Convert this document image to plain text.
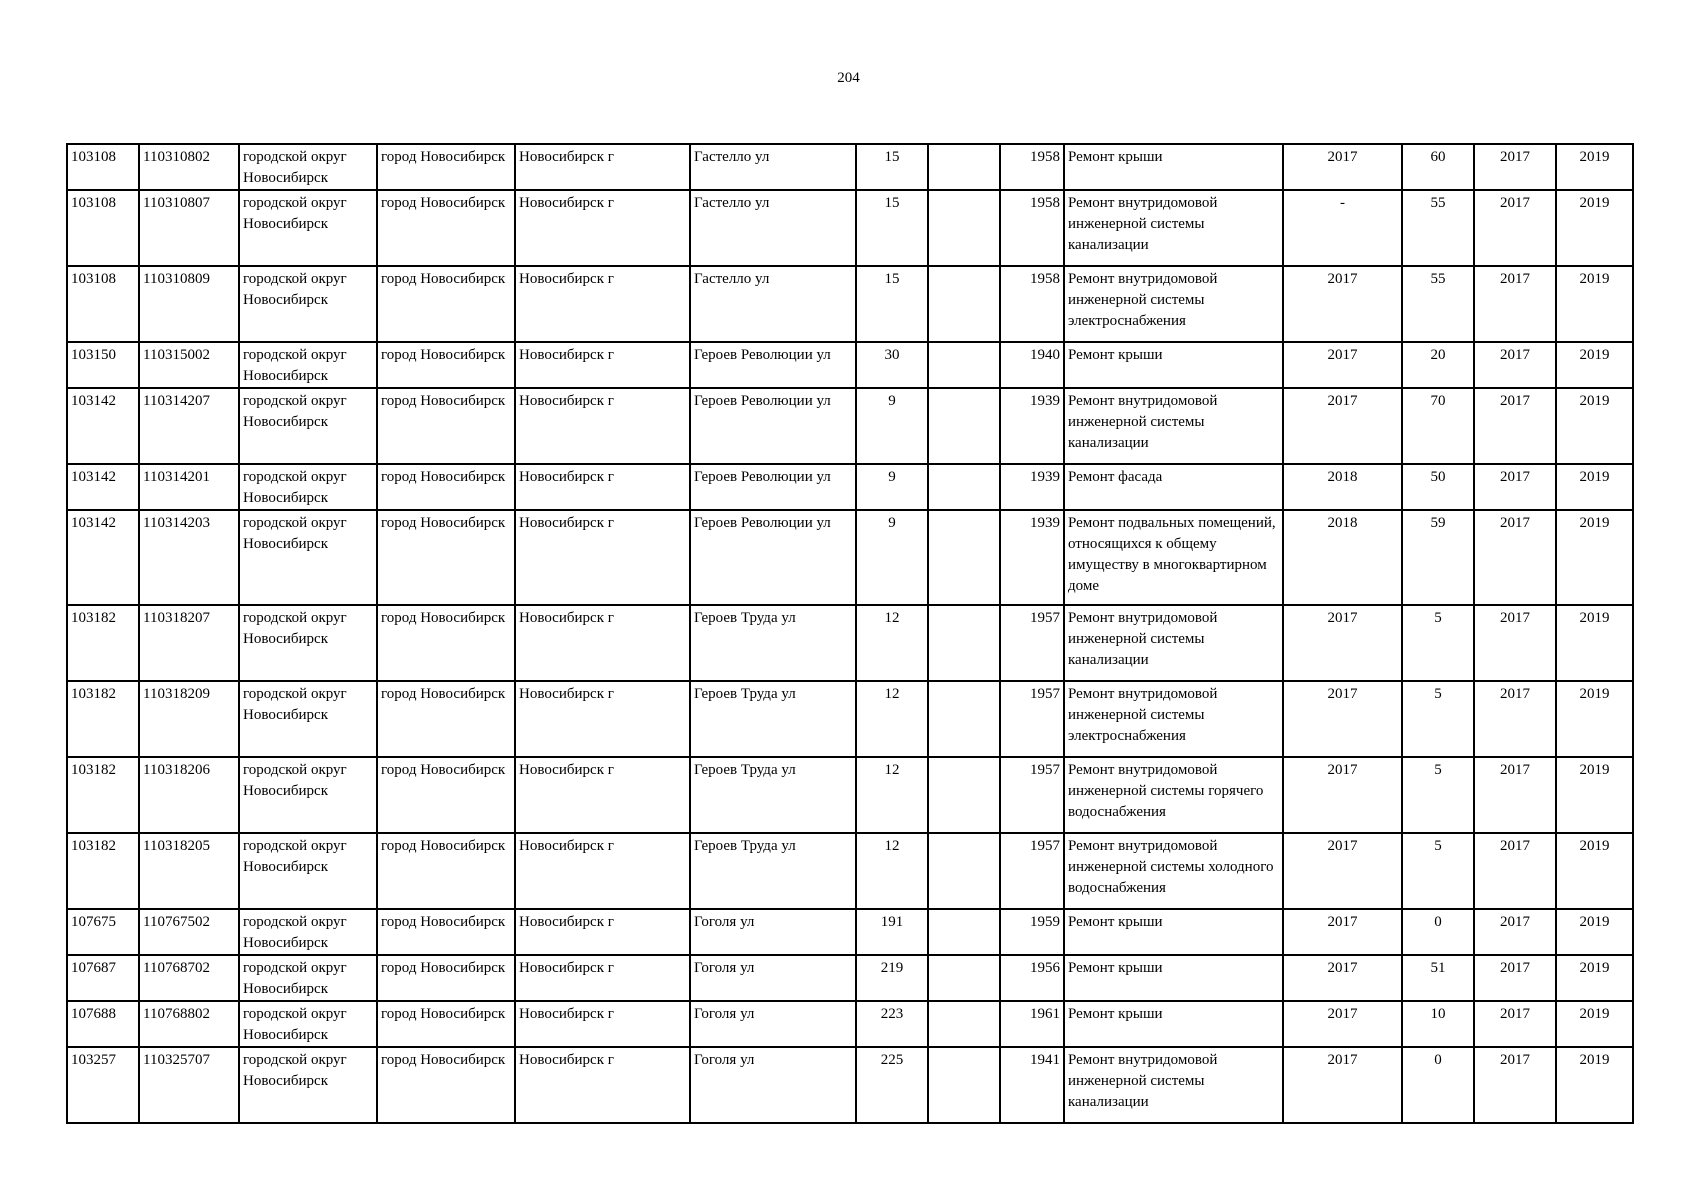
204
103108	110310802	городской округ Новосибирск	город Новосибирск	Новосибирск г	Гастелло ул	15		1958	Ремонт крыши	2017	60	2017	2019
103108	110310807	городской округ Новосибирск	город Новосибирск	Новосибирск г	Гастелло ул	15		1958	Ремонт внутридомовой инженерной системы канализации	-	55	2017	2019
103108	110310809	городской округ Новосибирск	город Новосибирск	Новосибирск г	Гастелло ул	15		1958	Ремонт внутридомовой инженерной системы электроснабжения	2017	55	2017	2019
103150	110315002	городской округ Новосибирск	город Новосибирск	Новосибирск г	Героев Революции ул	30		1940	Ремонт крыши	2017	20	2017	2019
103142	110314207	городской округ Новосибирск	город Новосибирск	Новосибирск г	Героев Революции ул	9		1939	Ремонт внутридомовой инженерной системы канализации	2017	70	2017	2019
103142	110314201	городской округ Новосибирск	город Новосибирск	Новосибирск г	Героев Революции ул	9		1939	Ремонт фасада	2018	50	2017	2019
103142	110314203	городской округ Новосибирск	город Новосибирск	Новосибирск г	Героев Революции ул	9		1939	Ремонт подвальных помещений, относящихся к общему имуществу в многоквартирном доме	2018	59	2017	2019
103182	110318207	городской округ Новосибирск	город Новосибирск	Новосибирск г	Героев Труда ул	12		1957	Ремонт внутридомовой инженерной системы канализации	2017	5	2017	2019
103182	110318209	городской округ Новосибирск	город Новосибирск	Новосибирск г	Героев Труда ул	12		1957	Ремонт внутридомовой инженерной системы электроснабжения	2017	5	2017	2019
103182	110318206	городской округ Новосибирск	город Новосибирск	Новосибирск г	Героев Труда ул	12		1957	Ремонт внутридомовой инженерной системы горячего водоснабжения	2017	5	2017	2019
103182	110318205	городской округ Новосибирск	город Новосибирск	Новосибирск г	Героев Труда ул	12		1957	Ремонт внутридомовой инженерной системы холодного водоснабжения	2017	5	2017	2019
107675	110767502	городской округ Новосибирск	город Новосибирск	Новосибирск г	Гоголя ул	191		1959	Ремонт крыши	2017	0	2017	2019
107687	110768702	городской округ Новосибирск	город Новосибирск	Новосибирск г	Гоголя ул	219		1956	Ремонт крыши	2017	51	2017	2019
107688	110768802	городской округ Новосибирск	город Новосибирск	Новосибирск г	Гоголя ул	223		1961	Ремонт крыши	2017	10	2017	2019
103257	110325707	городской округ Новосибирск	город Новосибирск	Новосибирск г	Гоголя ул	225		1941	Ремонт внутридомовой инженерной системы канализации	2017	0	2017	2019
